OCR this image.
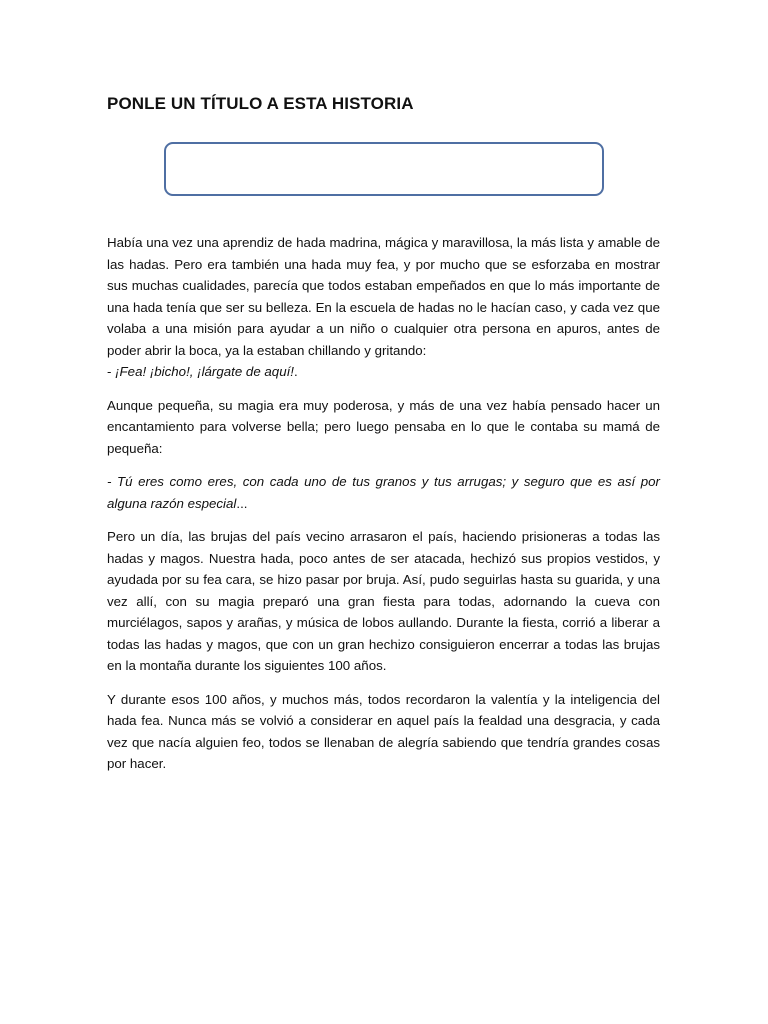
PONLE UN TÍTULO A ESTA HISTORIA

Había una vez una aprendiz de hada madrina, mágica y maravillosa, la más lista y amable de las hadas. Pero era también una hada muy fea, y por mucho que se esforzaba en mostrar sus muchas cualidades, parecía que todos estaban empeñados en que lo más importante de una hada tenía que ser su belleza. En la escuela de hadas no le hacían caso, y cada vez que volaba a una misión para ayudar a un niño o cualquier otra persona en apuros, antes de poder abrir la boca, ya la estaban chillando y gritando:
- ¡Fea! ¡bicho!, ¡lárgate de aquí!.

Aunque pequeña, su magia era muy poderosa, y más de una vez había pensado hacer un encantamiento para volverse bella; pero luego pensaba en lo que le contaba su mamá de pequeña:

- Tú eres como eres, con cada uno de tus granos y tus arrugas; y seguro que es así por alguna razón especial...

Pero un día, las brujas del país vecino arrasaron el país, haciendo prisioneras a todas las hadas y magos. Nuestra hada, poco antes de ser atacada, hechizó sus propios vestidos, y ayudada por su fea cara, se hizo pasar por bruja. Así, pudo seguirlas hasta su guarida, y una vez allí, con su magia preparó una gran fiesta para todas, adornando la cueva con murciélagos, sapos y arañas, y música de lobos aullando. Durante la fiesta, corrió a liberar a todas las hadas y magos, que con un gran hechizo consiguieron encerrar a todas las brujas en la montaña durante los siguientes 100 años.

Y durante esos 100 años, y muchos más, todos recordaron la valentía y la inteligencia del hada fea. Nunca más se volvió a considerar en aquel país la fealdad una desgracia, y cada vez que nacía alguien feo, todos se llenaban de alegría sabiendo que tendría grandes cosas por hacer.
